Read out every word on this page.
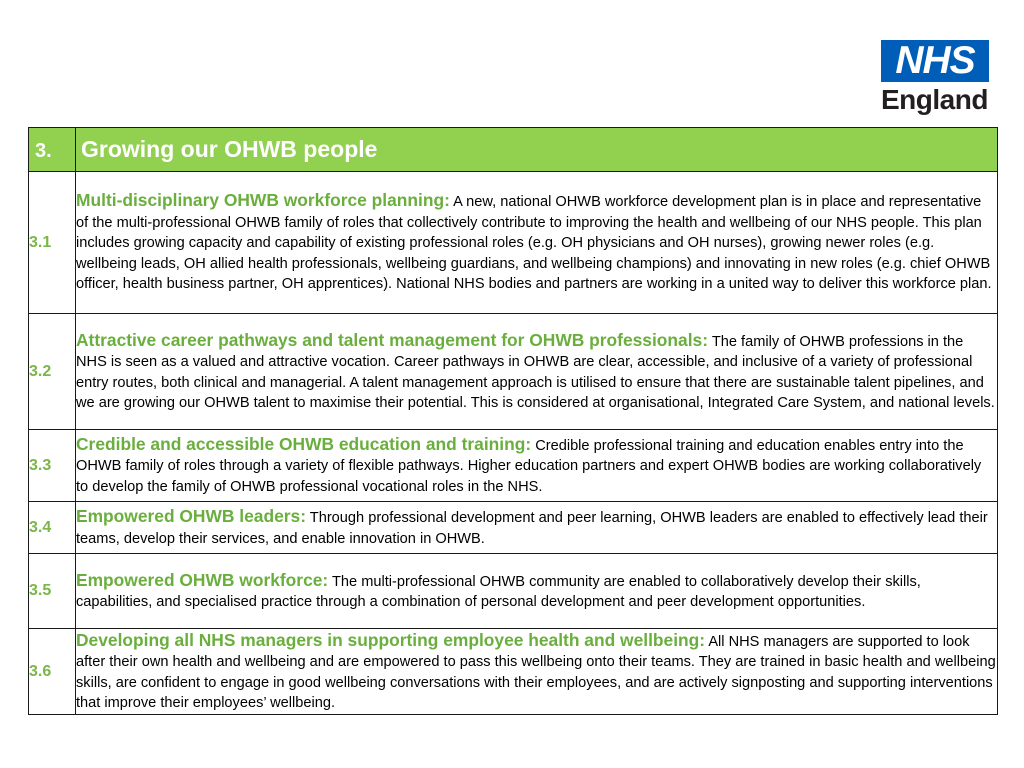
NHS
England
3.	Growing our OHWB people
3.1	Multi-disciplinary OHWB workforce planning: A new, national OHWB workforce development plan is in place and representative of the multi-professional OHWB family of roles that collectively contribute to improving the health and wellbeing of our NHS people. This plan includes growing capacity and capability of existing professional roles (e.g. OH physicians and OH nurses), growing newer roles (e.g. wellbeing leads, OH allied health professionals, wellbeing guardians, and wellbeing champions) and innovating in new roles (e.g. chief OHWB officer, health business partner, OH apprentices). National NHS bodies and partners are working in a united way to deliver this workforce plan.
3.2	Attractive career pathways and talent management for OHWB professionals: The family of OHWB professions in the NHS is seen as a valued and attractive vocation. Career pathways in OHWB are clear, accessible, and inclusive of a variety of professional entry routes, both clinical and managerial. A talent management approach is utilised to ensure that there are sustainable talent pipelines, and we are growing our OHWB talent to maximise their potential. This is considered at organisational, Integrated Care System, and national levels.
3.3	Credible and accessible OHWB education and training: Credible professional training and education enables entry into the OHWB family of roles through a variety of flexible pathways. Higher education partners and expert OHWB bodies are working collaboratively to develop the family of OHWB professional vocational roles in the NHS.
3.4	Empowered OHWB leaders: Through professional development and peer learning, OHWB leaders are enabled to effectively lead their teams, develop their services, and enable innovation in OHWB.
3.5	Empowered OHWB workforce: The multi-professional OHWB community are enabled to collaboratively develop their skills, capabilities, and specialised practice through a combination of personal development and peer development opportunities.
3.6	Developing all NHS managers in supporting employee health and wellbeing: All NHS managers are supported to look after their own health and wellbeing and are empowered to pass this wellbeing onto their teams. They are trained in basic health and wellbeing skills, are confident to engage in good wellbeing conversations with their employees, and are actively signposting and supporting interventions that improve their employees’ wellbeing.
